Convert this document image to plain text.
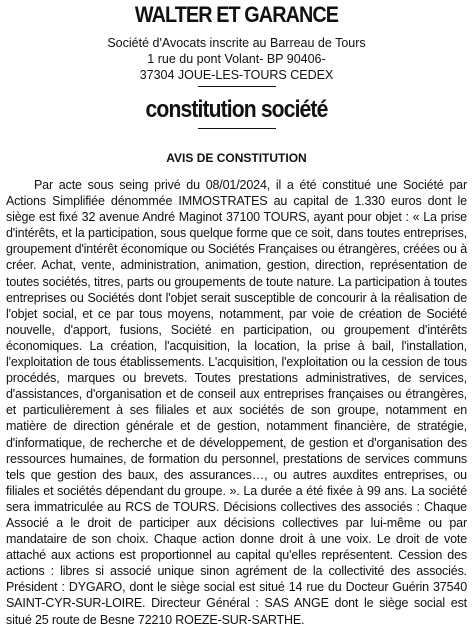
WALTER ET GARANCE
Société d'Avocats inscrite au Barreau de Tours
1 rue du pont Volant- BP 90406-
37304 JOUE-LES-TOURS CEDEX
constitution société
AVIS DE CONSTITUTION

Par acte sous seing privé du 08/01/2024, il a été constitué une Société par Actions Simplifiée dénommée IMMOSTRATES au capital de 1.330 euros dont le siège est fixé 32 avenue André Maginot 37100 TOURS, ayant pour objet : « La prise d'intérêts, et la participation, sous quelque forme que ce soit, dans toutes entreprises, groupement d'intérêt économique ou Sociétés Françaises ou étrangères, créées ou à créer. Achat, vente, administration, animation, gestion, direction, représentation de toutes sociétés, titres, parts ou groupements de toute nature. La participation à toutes entreprises ou Sociétés dont l'objet serait susceptible de concourir à la réalisation de l'objet social, et ce par tous moyens, notamment, par voie de création de Société nouvelle, d'apport, fusions, Société en participation, ou groupement d'intérêts économiques. La création, l'acquisition, la location, la prise à bail, l'installation, l'exploitation de tous établissements. L'acquisition, l'exploitation ou la cession de tous procédés, marques ou brevets. Toutes prestations administratives, de services, d'assistances, d'organisation et de conseil aux entreprises françaises ou étrangères, et particulièrement à ses filiales et aux sociétés de son groupe, notamment en matière de direction générale et de gestion, notamment financière, de stratégie, d'informatique, de recherche et de développement, de gestion et d'organisation des ressources humaines, de formation du personnel, prestations de services communs tels que gestion des baux, des assurances…, ou autres auxdites entreprises, ou filiales et sociétés dépendant du groupe. ». La durée a été fixée à 99 ans. La société sera immatriculée au RCS de TOURS. Décisions collectives des associés : Chaque Associé a le droit de participer aux décisions collectives par lui-même ou par mandataire de son choix. Chaque action donne droit à une voix. Le droit de vote attaché aux actions est proportionnel au capital qu'elles représentent. Cession des actions : libres si associé unique sinon agrément de la collectivité des associés. Président : DYGARO, dont le siège social est situé 14 rue du Docteur Guérin 37540 SAINT-CYR-SUR-LOIRE. Directeur Général : SAS ANGE dont le siège social est situé 25 route de Besne 72210 ROEZE-SUR-SARTHE.
